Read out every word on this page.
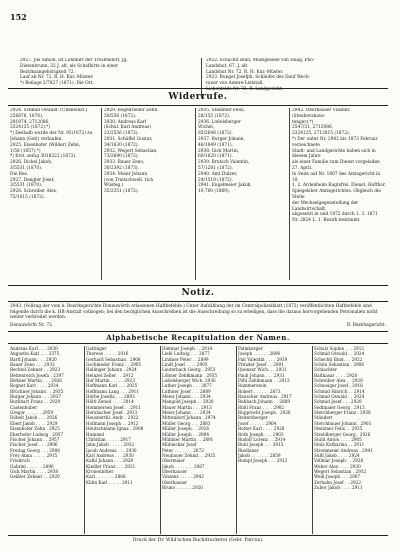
152

2927. Jus Simon, ist Lohnhirt der Troslendorf, Jg.

Dietenbrunn, 32 J. alt, als Schafhirte in einer

Bezirksangehörigkeit 72.

Lauf ab Nr. 72. R. H. Kur.-Müster.

*) Beilage 2/7827 (1871). Die Ort.

2922. Schächtl Bind, Müssgeselle von Haag, Pho-

Landshut, 67. J. alt.

Landshut Nr. 72. R. H. Kur.-Müster.

2923. Bungel Josefph, Schleifer des Dauf Wech-

rauer von Autere-Leitstall.

Liebenfelde Nr. 72. R. Landgericht.

Widerrufe.

2924. Schmid Oswald. (Übeneinzt.)

256878, 1870),

291874, 2712086,

3324135 (1872).*)

*) Deshalb wurde der Nr. 95(1872) zu Johann (Gott) verlaufen.

2925. Eisenhofer (Wilder) Zehn,

1/58 (1857).*)

*) Erst. zeitig 3018322 (1872).

2926. Dickel Jakob,

3/5531 (1870).

Die Res.

2927. Dengler Josef,

3/5531 (1870).

2928. Schreiber Alex,

75/1015 (1872).

2929. Bogenrieder Zehn.

50/556 (1872).

2930. Andreas Karl

(Schul. Karl Andreas)

23/2556 (1872).

2931. Schäffel Gustav,

34/1630 (1872).

2932. Wegert Sebastian,

73/2690 (1872).

2933. Bauer Zeno,

30/2392 (1873).

2934. Meier Johann

(von Traitschwell. rich

Wüsteg.)

35/2351 (1872).

2935. Steinmer Felix,

28/155 (1872).

2936. Loßelsberger

Wichel,

85/2648 (1872).

2937. Burger Johann,

46/1849 (1871).

2938. Gick Martin,

60/1620 (1871).

2939. Brutsch Valentin,

57/1281 (1872).

2940. Amt Dulzer,

24/1519 (1872).

2941. Engelmeier Jakob,

10,700 (1869).

2942. Oberhauser Vinzenz

(Steuberahaus-

tenger).*)

2547/31, 2712086,

2324125, 2712815 (1872).

*) Der unter Nr. 2942 bis 1873 Februar verzeichnete

Stadt- und Landgerichte haben sich in diesem Jahre

als einer Familie zum Dienst vorgeladen 27. April.

In Seite auf Nr. 1807 des Amtsgericht in 18

1. 2. Ardenheim Ragtsfrei. Dienst, Hofthor,

Spiegelsber Amtsgerichtes. Obgleich die Stelle

der Wechselgegenstellung der Landwirtschaft,

abgesetzt in und 1872 durch 1. 3. 1871

Nr. 2824 L. 1. Bezirk bestimmt.

Notiz.

2943. (Vollzug der vom k. Bezirksgerichte Donauwörth erlassenen Haftbefehle.) Unter Aufzählung der im Centralpolizeiblatt (1872) veröffentlichten Haftbefehle sind folgende durch die k. Hft-Anstalt vollzogen; bei den bezüglichen Ausschreiben ist die Ausschreibung so zu erledigen, dass die daraus hervorgehenden Personalien nicht weiter verbreitet werden.

Donauwörth Nr. 72.	R. Bezirksgericht.
Alphabetische Recapitulation der Namen.

Andreas Karl . . . 2930

Angustin Karl . . . 2375

Bartl Johann . . . 2920

Bauer Zeno . . . 2933

Bechtel Zehner . . 2923

Bettenreich Josefa . 2397

Birkner Martin . . . 2926

Bogner Karl . . . . 2934

Brückner Johann . . 2935

Burger Johann . . . 2937

Burkhart Franz . . 2929

Castenhuber

Gregor . . . . . . 2959

Döbelt Jakob . . . 2926

Eberl Jakob . . . . 2929

Eisenhofer Zehn . 2925

Ekerhofer Ludwig . 2957

Fischer Johann . . 2957

Fischer Josef . . . 2996

Freitag Georg . . . 2908

Frey Anna . . . . . 2915

Friedrich

Gabriel . . . . . . 2896

Gick Martin . . . . 2938

Geißler Zehner . . 2920

Gattinger

Therese . . . . . 2916

Gerhard Sebastian . 2908

Gschmeder Franz . . 2905

Hallinger Johann . 2924

Heinzel Zeller . . 2912

Hof Martin . . . . . 2923

Hoffmann Karl . . . 2925

Hoffmann Lang . . . 2911

Hörbe Josefia . . . 2893

Höltl Zenod . . . . 2914

Hommersen Josef . . 2911

Horsbacher Josef . 2923

Heusnerthl. Andr. . 2922

Hofmann Joseph . . 2912

Heutschmann Ignaz . 2908

Hummel

Christian . . . . . 2917

Jahn Jakob . . . . . 2932

Iacob Andreas . . . 2930

Karl Andreas . . . 2930

Kalbl Johann . . . 2928

Kindler Franz . . . 2921

Kronenbitter

Karl . . . . . . . 2868

Kühn Karl . . . . . 2911

Dietmar Joseph . . 2914

Liebl Ludwig . . . 2877

Lindner Peter . . 2899

Lindt Josef . . . . 2905

Lauterbach Georg . 2953

Löhner Zehlkmann . 2935

Loßelsberger Wich. 2936

Luther Joseph . . . 2877

Luthner Josef . . . 2889

Meier Johann . . . 2934

Mangold Joseph . . 2926

Mauer Martin . . . 2913

Meier Johann . . . 2934

Mittendorf Johann . 2974

Müller Georg . . . 2883

Müller Joseph . . 2926

Müller Joseph . . 2904

Mühlner Martin . . 2891

Mühlecker Josef

Peter . . . . . . . 2872

Neubauer Zehnd . . 2925

Obermaier

Jakob . . . . . . . 2887

Oberhauser

Vinzenz . . . . . 2942

Oberhauser

Bruno . . . . . . 2920

Palmberger

Joseph . . . . . . 2896

Paß Valentin . . . . 2939

Prinzler Josef . . 2901

Quenzer Wich. . . 2931

Pauli Johann . . . 2931

Pöhl Zehlkmann . . 2913

Rammerstein

Robert . . . . . . 2873

Rauscher Andreas . 2917

Rehbach Johann . . 2889

Rößl Franz . . . . 2902

Rupprecht Joseph . 2926

Reitersberger

Josef . . . . . . 2904

Rotter Karl . . . . 2928

Roth Joseph . . . 2903

Rudolf Lorenz . . 2914

Ruhl Joseph . . . 2913

Riedlaner

Jakob . . . . . . . 2859

Rumpl Joseph . . . 2912

Schulz Sophie . . . 2912

Schmid Oswald . . 2924

Schechtl Bind. . . 2922

Schön Sebastian . 2906

Schlachter

Balthasar . . . . 2928

Schreiber Alex . . 2928

Schweiger Josef . 2918

Schmid Hinrich . . 2914

Schmid Oswald . . 2924

Schmid Josef . . . 2920

Sedlmaier Georg . 2913

Sterchberger Franz . 2938

Ständert

Sterchbauer Johann . 2903

Steinmer Felix . . 2935

Streblberger Georg . 2926

Stuhl Anton . . . . 2905

Stolz Katharina . . 2911

Strommeier Andreas . 2941

Süßl Jakob . . . . 2924

Vollmar Joseph . . 2928

Weber Alex . . . . 2930

Wegert Sebastian . 2932

Weiß Joseph . . . 2907

Zerhahn Josef . . 2922

Zuber Jakob . . . . 2911

Druck der Dr. Wild'schen Buchdruckerei (Gebr. Parcus).
